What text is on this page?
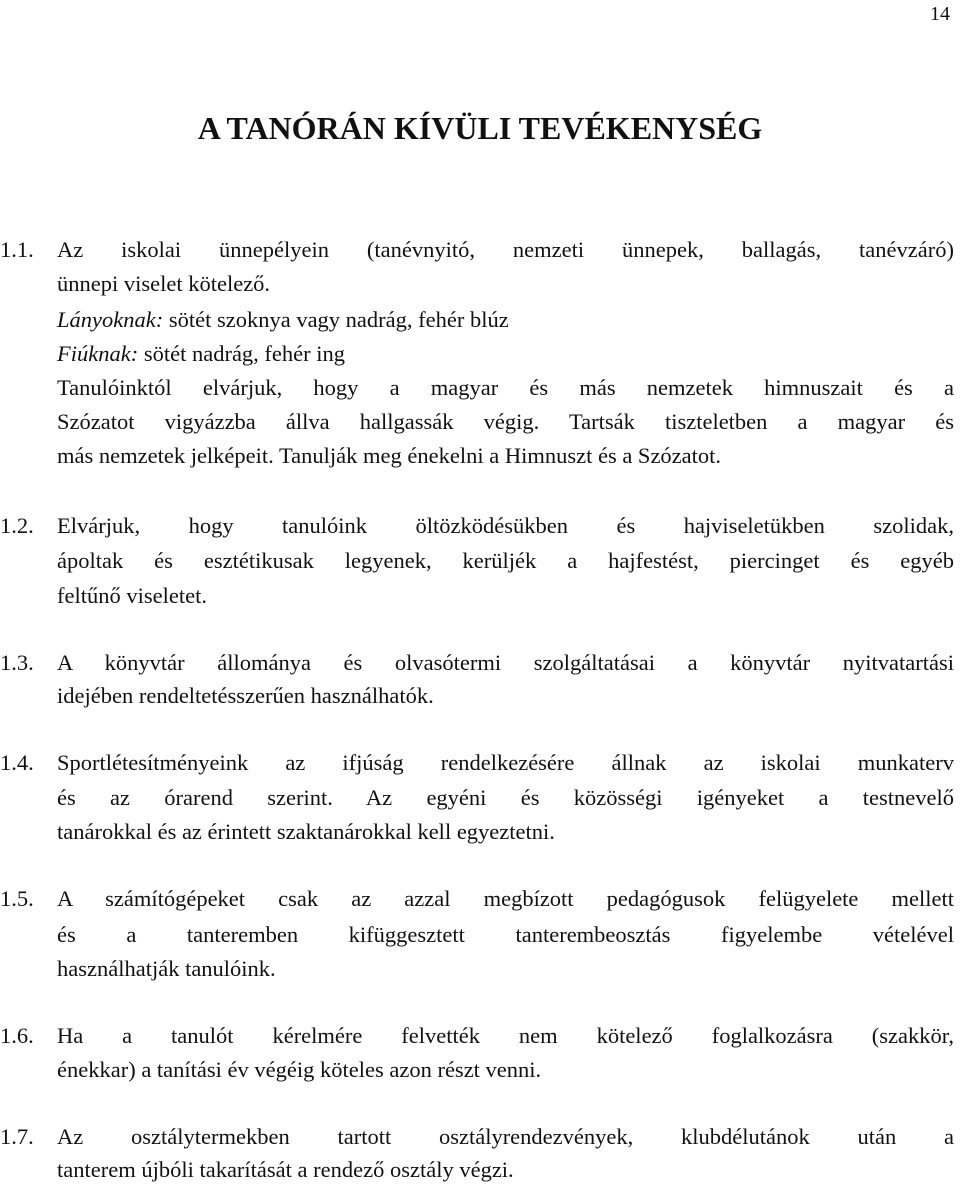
14
A TANÓRÁN KÍVÜLI TEVÉKENYSÉG
1.1. Az iskolai ünnepélyein (tanévnyitó, nemzeti ünnepek, ballagás, tanévzáró)
ünnepi viselet kötelező.
Lányoknak: sötét szoknya vagy nadrág, fehér blúz
Fiúknak: sötét nadrág, fehér ing
Tanulóinktól elvárjuk, hogy a magyar és más nemzetek himnuszait és a
Szózatot vigyázzba állva hallgassák végig. Tartsák tiszteletben a magyar és
más nemzetek jelképeit. Tanulják meg énekelni a Himnuszt és a Szózatot.
1.2. Elvárjuk, hogy tanulóink öltözködésükben és hajviseletükben szolidak,
ápoltak és esztétikusak legyenek, kerüljék a hajfestést, piercinget és egyéb
feltűnő viseletet.
1.3. A könyvtár állománya és olvasótermi szolgáltatásai a könyvtár nyitvatartási
idejében rendeltetésszerűen használhatók.
1.4. Sportlétesítményeink az ifjúság rendelkezésére állnak az iskolai munkaterv
és az órarend szerint. Az egyéni és közösségi igényeket a testnevelő
tanárokkal és az érintett szaktanárokkal kell egyeztetni.
1.5. A számítógépeket csak az azzal megbízott pedagógusok felügyelete mellett
és a tanteremben kifüggesztett tanterembeosztás figyelembe vételével
használhatják tanulóink.
1.6. Ha a tanulót kérelmére felvették nem kötelező foglalkozásra (szakkör,
énekkar) a tanítási év végéig köteles azon részt venni.
1.7. Az osztálytermekben tartott osztályrendezvények, klubdélutánok után a
tanterem újbóli takarítását a rendező osztály végzi.
